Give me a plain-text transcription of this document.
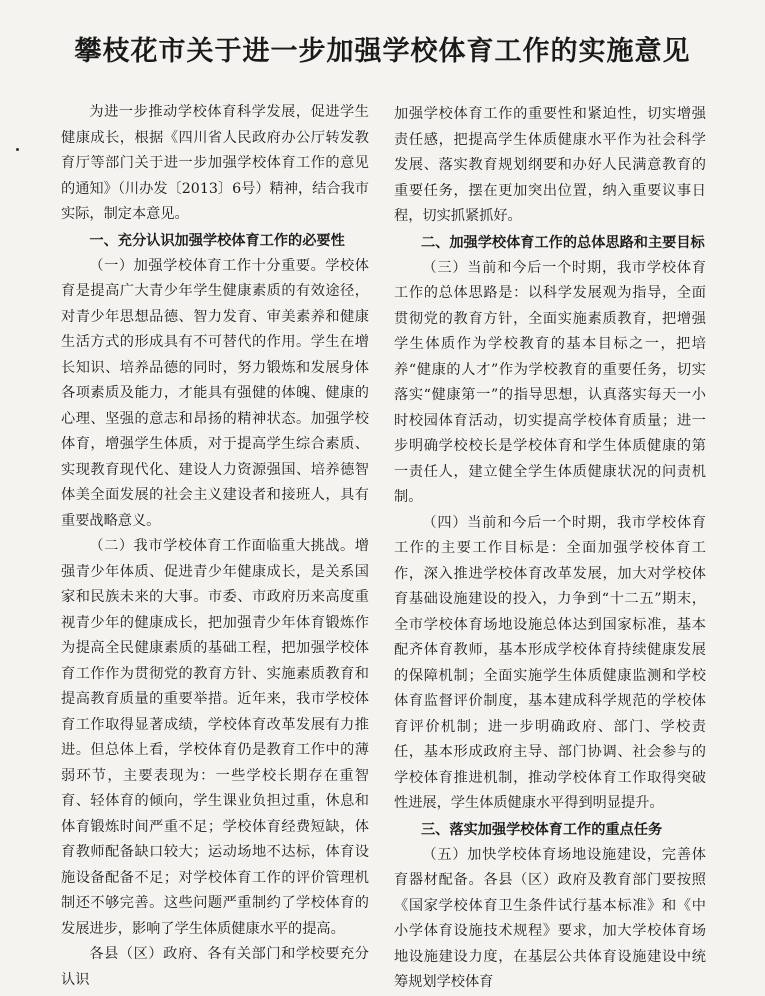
攀枝花市关于进一步加强学校体育工作的实施意见

为进一步推动学校体育科学发展，促进学生健康成长，根据《四川省人民政府办公厅转发教育厅等部门关于进一步加强学校体育工作的意见的通知》（川办发〔2013〕6号）精神，结合我市实际，制定本意见。

一、充分认识加强学校体育工作的必要性

（一）加强学校体育工作十分重要。学校体育是提高广大青少年学生健康素质的有效途径，对青少年思想品德、智力发育、审美素养和健康生活方式的形成具有不可替代的作用。学生在增长知识、培养品德的同时，努力锻炼和发展身体各项素质及能力，才能具有强健的体魄、健康的心理、坚强的意志和昂扬的精神状态。加强学校体育，增强学生体质，对于提高学生综合素质、实现教育现代化、建设人力资源强国、培养德智体美全面发展的社会主义建设者和接班人，具有重要战略意义。

（二）我市学校体育工作面临重大挑战。增强青少年体质、促进青少年健康成长，是关系国家和民族未来的大事。市委、市政府历来高度重视青少年的健康成长，把加强青少年体育锻炼作为提高全民健康素质的基础工程，把加强学校体育工作作为贯彻党的教育方针、实施素质教育和提高教育质量的重要举措。近年来，我市学校体育工作取得显著成绩，学校体育改革发展有力推进。但总体上看，学校体育仍是教育工作中的薄弱环节，主要表现为：一些学校长期存在重智育、轻体育的倾向，学生课业负担过重，休息和体育锻炼时间严重不足；学校体育经费短缺，体育教师配备缺口较大；运动场地不达标，体育设施设备配备不足；对学校体育工作的评价管理机制还不够完善。这些问题严重制约了学校体育的发展进步，影响了学生体质健康水平的提高。

各县（区）政府、各有关部门和学校要充分认识

加强学校体育工作的重要性和紧迫性，切实增强责任感，把提高学生体质健康水平作为社会科学发展、落实教育规划纲要和办好人民满意教育的重要任务，摆在更加突出位置，纳入重要议事日程，切实抓紧抓好。

二、加强学校体育工作的总体思路和主要目标

（三）当前和今后一个时期，我市学校体育工作的总体思路是：以科学发展观为指导，全面贯彻党的教育方针，全面实施素质教育，把增强学生体质作为学校教育的基本目标之一，把培养“健康的人才”作为学校教育的重要任务，切实落实“健康第一”的指导思想，认真落实每天一小时校园体育活动，切实提高学校体育质量；进一步明确学校校长是学校体育和学生体质健康的第一责任人，建立健全学生体质健康状况的问责机制。

（四）当前和今后一个时期，我市学校体育工作的主要工作目标是：全面加强学校体育工作，深入推进学校体育改革发展，加大对学校体育基础设施建设的投入，力争到“十二五”期末，全市学校体育场地设施总体达到国家标准，基本配齐体育教师，基本形成学校体育持续健康发展的保障机制；全面实施学生体质健康监测和学校体育监督评价制度，基本建成科学规范的学校体育评价机制；进一步明确政府、部门、学校责任，基本形成政府主导、部门协调、社会参与的学校体育推进机制，推动学校体育工作取得突破性进展，学生体质健康水平得到明显提升。

三、落实加强学校体育工作的重点任务

（五）加快学校体育场地设施建设，完善体育器材配备。各县（区）政府及教育部门要按照《国家学校体育卫生条件试行基本标准》和《中小学体育设施技术规程》要求，加大学校体育场地设施建设力度，在基层公共体育设施建设中统筹规划学校体育
